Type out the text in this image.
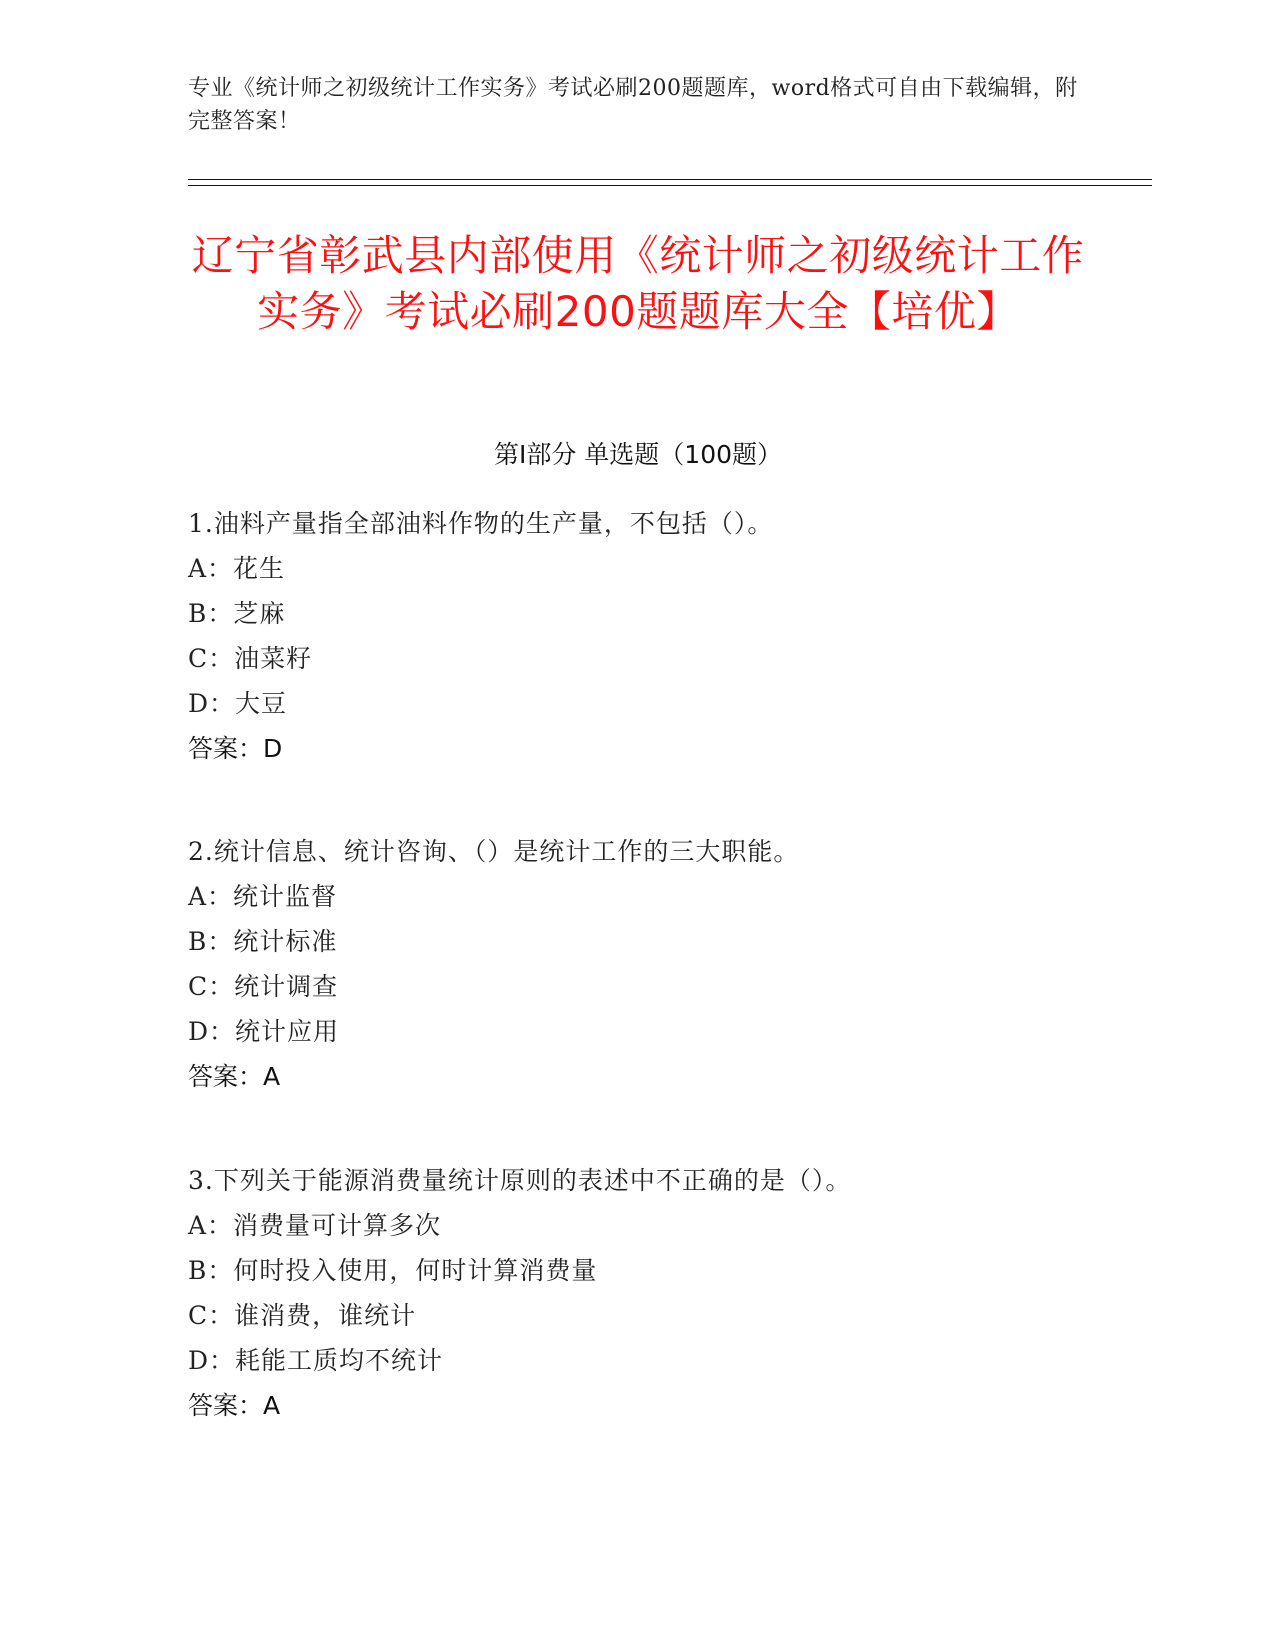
专业《统计师之初级统计工作实务》考试必刷200题题库，word格式可自由下载编辑，附完整答案！
辽宁省彰武县内部使用《统计师之初级统计工作实务》考试必刷200题题库大全【培优】
第I部分 单选题（100题）
1.油料产量指全部油料作物的生产量，不包括（）。
A：花生
B：芝麻
C：油菜籽
D：大豆
答案：D
2.统计信息、统计咨询、（）是统计工作的三大职能。
A：统计监督
B：统计标准
C：统计调查
D：统计应用
答案：A
3.下列关于能源消费量统计原则的表述中不正确的是（）。
A：消费量可计算多次
B：何时投入使用，何时计算消费量
C：谁消费，谁统计
D：耗能工质均不统计
答案：A
